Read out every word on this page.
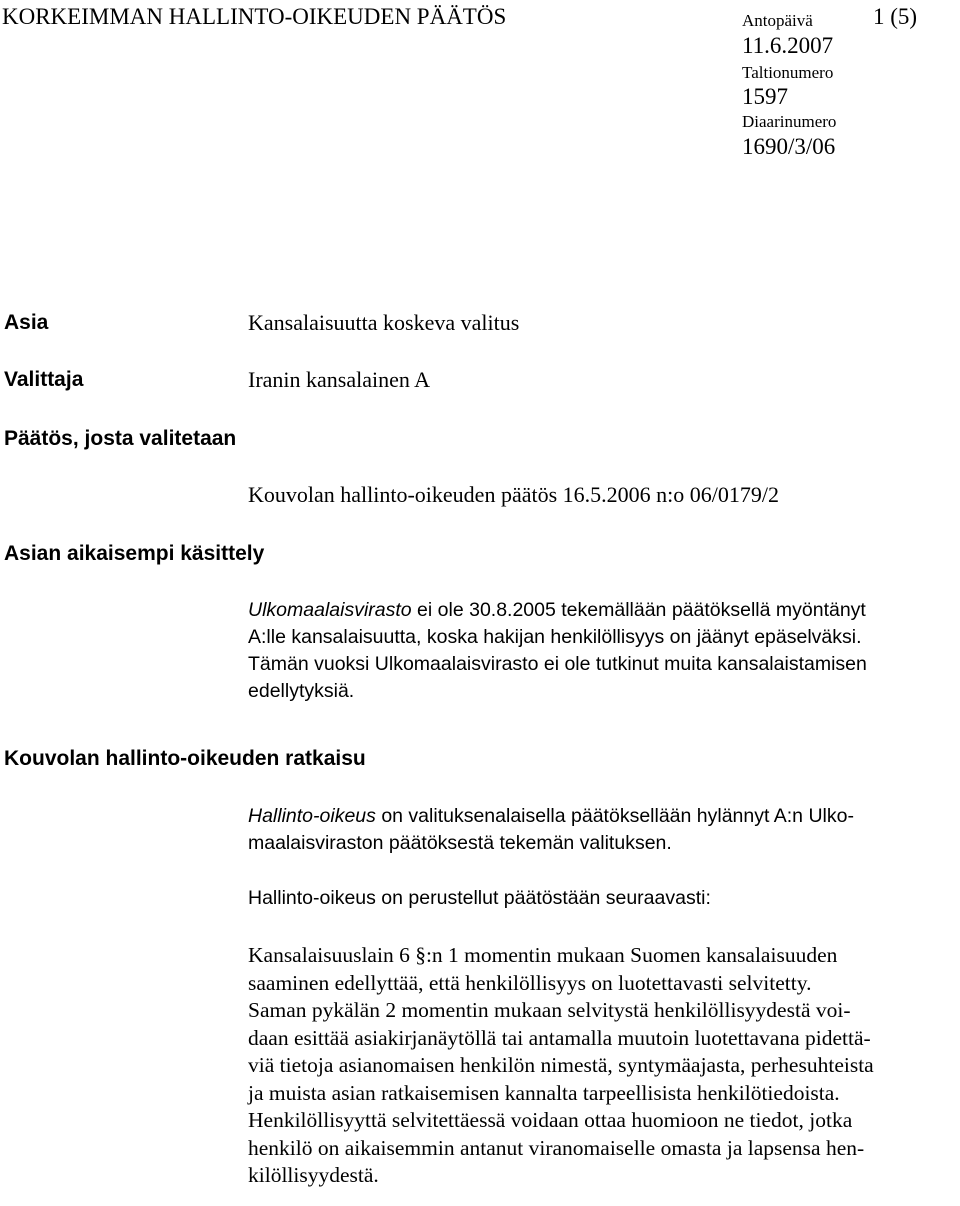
KORKEIMMAN HALLINTO-OIKEUDEN PÄÄTÖS	1 (5)
Antopäivä
11.6.2007
Taltionumero
1597
Diaarinumero
1690/3/06
Asia	Kansalaisuutta koskeva valitus
Valittaja	Iranin kansalainen A
Päätös, josta valitetaan
Kouvolan hallinto-oikeuden päätös 16.5.2006 n:o 06/0179/2
Asian aikaisempi käsittely
Ulkomaalaisvirasto ei ole 30.8.2005 tekemällään päätöksellä myöntänyt
A:lle kansalaisuutta, koska hakijan henkilöllisyys on jäänyt epäselväksi.
Tämän vuoksi Ulkomaalaisvirasto ei ole tutkinut muita kansalaistamisen
edellytyksiä.
Kouvolan hallinto-oikeuden ratkaisu
Hallinto-oikeus on valituksenalaisella päätöksellään hylännyt A:n Ulko-
maalaisviraston päätöksestä tekemän valituksen.
Hallinto-oikeus on perustellut päätöstään seuraavasti:
Kansalaisuuslain 6 §:n 1 momentin mukaan Suomen kansalaisuuden
saaminen edellyttää, että henkilöllisyys on luotettavasti selvitetty.
Saman pykälän 2 momentin mukaan selvitystä henkilöllisyydestä voi-
daan esittää asiakirjanäytöllä tai antamalla muutoin luotettavana pidettä-
viä tietoja asianomaisen henkilön nimestä, syntymäajasta, perhesuhteista
ja muista asian ratkaisemisen kannalta tarpeellisista henkilötiedoista.
Henkilöllisyyttä selvitettäessä voidaan ottaa huomioon ne tiedot, jotka
henkilö on aikaisemmin antanut viranomaiselle omasta ja lapsensa hen-
kilöllisyydestä.
